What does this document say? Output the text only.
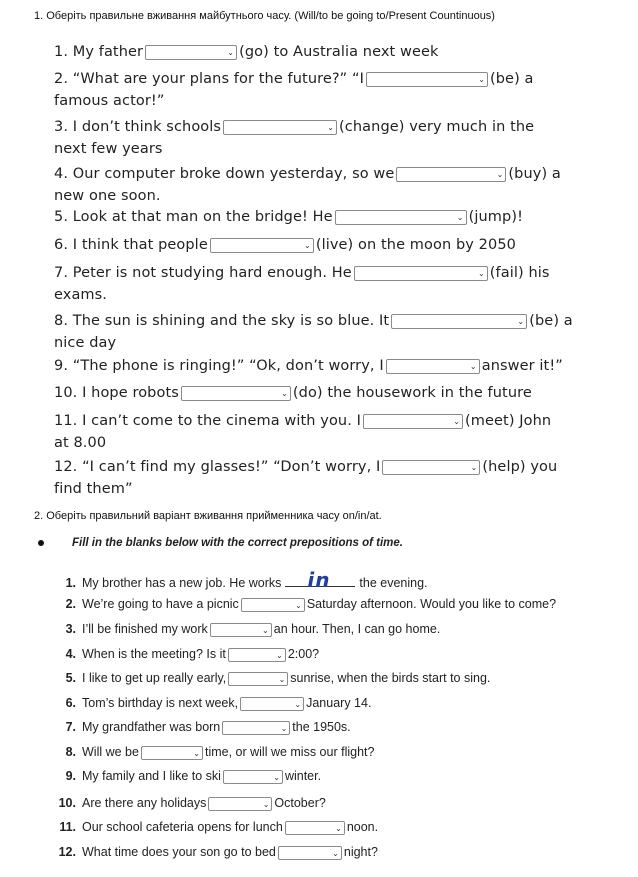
1. Оберіть правильне вживання майбутнього часу. (Will/to be going to/Present Countinuous)
1. My father	⌄ (go) to Australia next week
2. “What are your plans for the future?” “I	⌄ (be) a
famous actor!”
3. I don’t think schools	⌄ (change) very much in the
next few years
4. Our computer broke down yesterday, so we	⌄ (buy) a
new one soon.
5. Look at that man on the bridge! He	⌄ (jump)!
6. I think that people	⌄ (live) on the moon by 2050
7. Peter is not studying hard enough. He	⌄ (fail) his
exams.
8. The sun is shining and the sky is so blue. It	⌄ (be) a
nice day
9. “The phone is ringing!” “Ok, don’t worry, I	⌄ answer it!”
10. I hope robots	⌄ (do) the housework in the future
11. I can’t come to the cinema with you. I	⌄ (meet) John
at 8.00
12. “I can’t find my glasses!” “Don’t worry, I	⌄ (help) you
find them”
2. Оберіть правильний варіант вживання прийменника часу on/in/at.
Fill in the blanks below with the correct prepositions of time.
1. My brother has a new job. He works in the evening.
2. We’re going to have a picnic	⌄ Saturday afternoon. Would you like to come?
3. I’ll be finished my work	⌄ an hour. Then, I can go home.
4. When is the meeting? Is it	⌄ 2:00?
5. I like to get up really early,	⌄ sunrise, when the birds start to sing.
6. Tom’s birthday is next week,	⌄ January 14.
7. My grandfather was born	⌄ the 1950s.
8. Will we be	⌄ time, or will we miss our flight?
9. My family and I like to ski	⌄ winter.
10. Are there any holidays	⌄ October?
11. Our school cafeteria opens for lunch	⌄ noon.
12. What time does your son go to bed	⌄ night?
